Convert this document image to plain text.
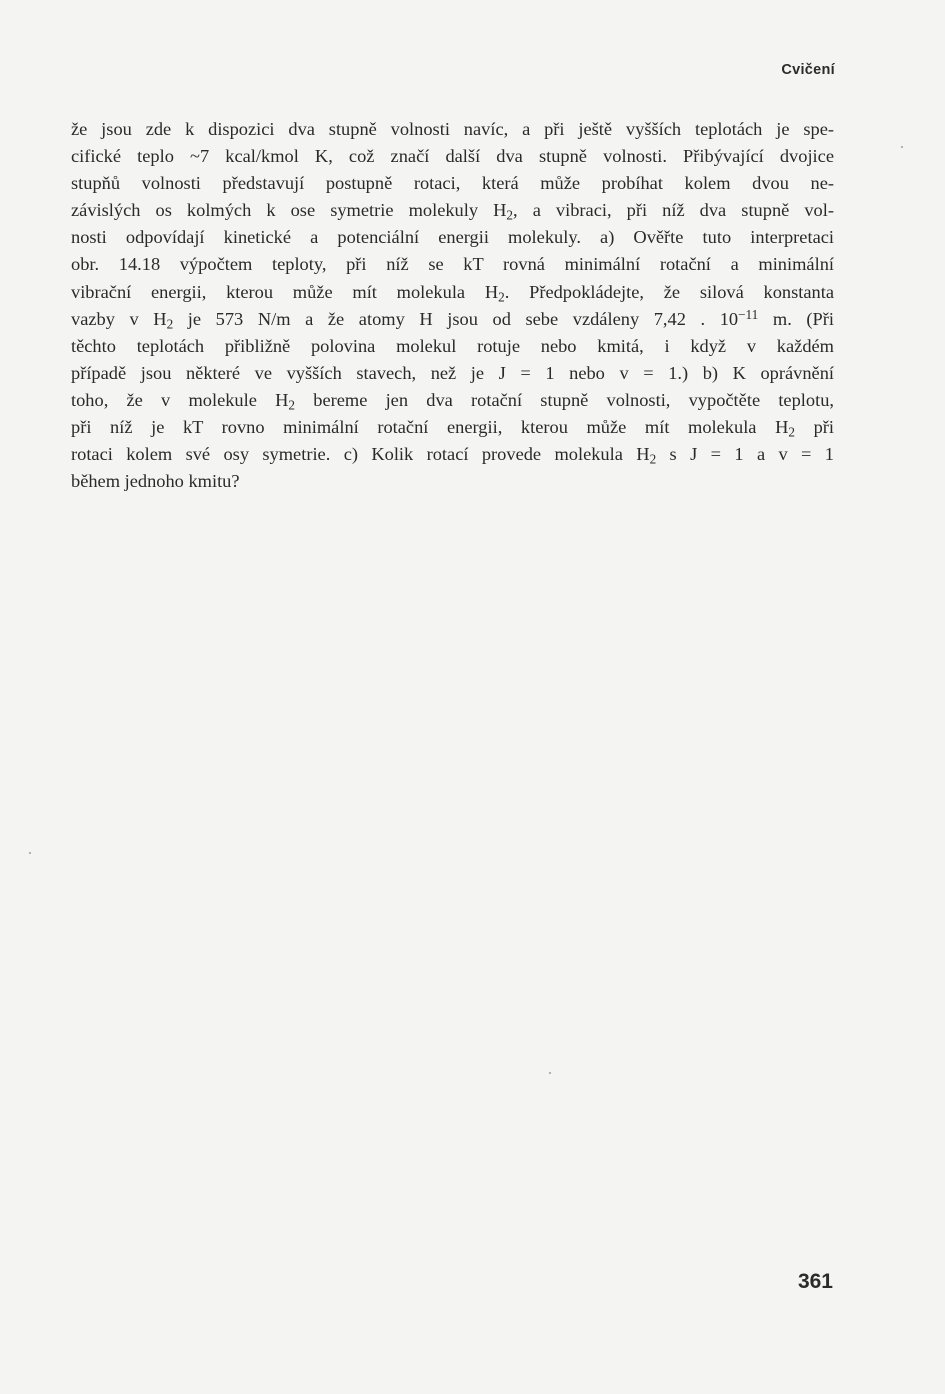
Cvičení
že jsou zde k dispozici dva stupně volnosti navíc, a při ještě vyšších teplotách je spe-
cifické teplo ~7 kcal/kmol K, což značí další dva stupně volnosti. Přibývající dvojice
stupňů volnosti představují postupně rotaci, která může probíhat kolem dvou ne-
závislých os kolmých k ose symetrie molekuly $H_2$, a vibraci, při níž dva stupně vol-
nosti odpovídají kinetické a potenciální energii molekuly. a) Ověřte tuto interpretaci
obr. 14.18 výpočtem teploty, při níž se kT rovná minimální rotační a minimální
vibrační energii, kterou může mít molekula $H_2$. Předpokládejte, že silová konstanta
vazby v $H_2$ je 573 N/m a že atomy H jsou od sebe vzdáleny 7,42 . $10^{-11}$ m. (Při
těchto teplotách přibližně polovina molekul rotuje nebo kmitá, i když v každém
případě jsou některé ve vyšších stavech, než je J = 1 nebo v = 1.) b) K oprávnění
toho, že v molekule $H_2$ bereme jen dva rotační stupně volnosti, vypočtěte teplotu,
při níž je kT rovno minimální rotační energii, kterou může mít molekula $H_2$ při
rotaci kolem své osy symetrie. c) Kolik rotací provede molekula $H_2$ s J = 1 a v = 1
během jednoho kmitu?
361
